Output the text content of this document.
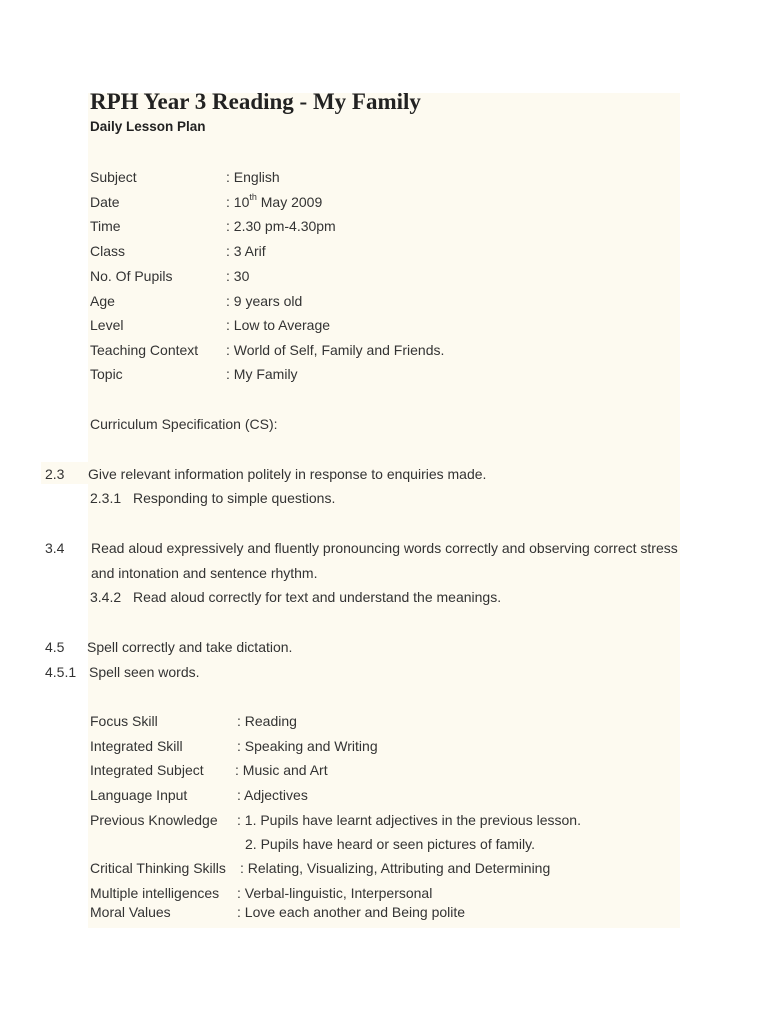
RPH Year 3 Reading - My Family
Daily Lesson Plan
Subject	: English
Date	: 10th May 2009
Time	: 2.30 pm-4.30pm
Class	: 3 Arif
No. Of Pupils	: 30
Age	: 9 years old
Level	: Low to Average
Teaching Context : World of Self, Family and Friends.
Topic	: My Family
Curriculum Specification (CS):
2.3 Give relevant information politely in response to enquiries made.
2.3.1 Responding to simple questions.
3.4 Read aloud expressively and fluently pronouncing words correctly and observing correct stress
and intonation and sentence rhythm.
3.4.2 Read aloud correctly for text and understand the meanings.
4.5 Spell correctly and take dictation.
4.5.1 Spell seen words.
Focus Skill	: Reading
Integrated Skill	: Speaking and Writing
Integrated Subject : Music and Art
Language Input	: Adjectives
Previous Knowledge : 1. Pupils have learnt adjectives in the previous lesson.
2. Pupils have heard or seen pictures of family.
Critical Thinking Skills : Relating, Visualizing, Attributing and Determining
Multiple intelligences : Verbal-linguistic, Interpersonal
Moral Values	: Love each another and Being polite
